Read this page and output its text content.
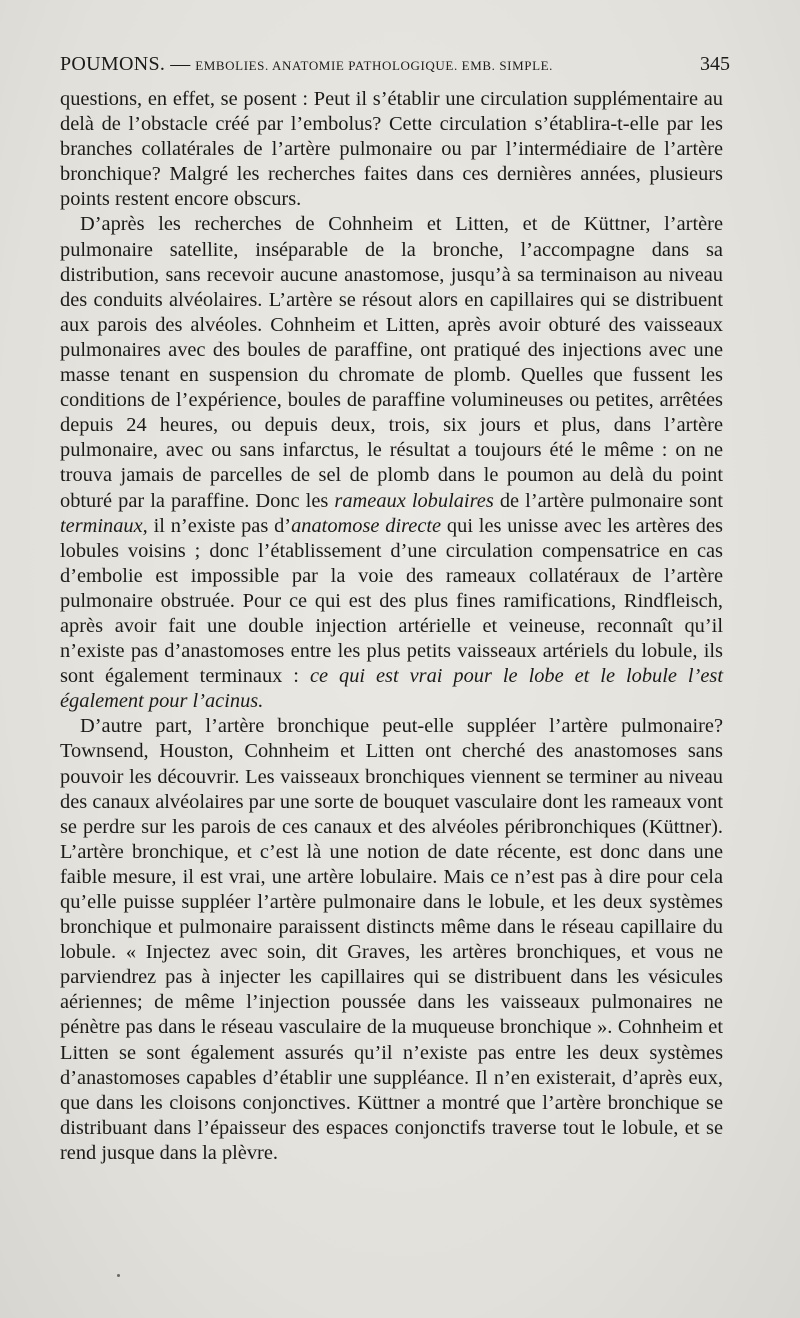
POUMONS. — EMBOLIES. ANATOMIE PATHOLOGIQUE. EMB. SIMPLE.	345

questions, en effet, se posent : Peut il s’établir une circulation supplémentaire au delà de l’obstacle créé par l’embolus? Cette circulation s’établira-t-elle par les branches collatérales de l’artère pulmonaire ou par l’intermédiaire de l’artère bronchique? Malgré les recherches faites dans ces dernières années, plusieurs points restent encore obscurs.

D’après les recherches de Cohnheim et Litten, et de Küttner, l’artère pulmonaire satellite, inséparable de la bronche, l’accompagne dans sa distribution, sans recevoir aucune anastomose, jusqu’à sa terminaison au niveau des conduits alvéolaires. L’artère se résout alors en capillaires qui se distribuent aux parois des alvéoles. Cohnheim et Litten, après avoir obturé des vaisseaux pulmonaires avec des boules de paraffine, ont pratiqué des injections avec une masse tenant en suspension du chromate de plomb. Quelles que fussent les conditions de l’expérience, boules de paraffine volumineuses ou petites, arrêtées depuis 24 heures, ou depuis deux, trois, six jours et plus, dans l’artère pulmonaire, avec ou sans infarctus, le résultat a toujours été le même : on ne trouva jamais de parcelles de sel de plomb dans le poumon au delà du point obturé par la paraffine. Donc les rameaux lobulaires de l’artère pulmonaire sont terminaux, il n’existe pas d’anatomose directe qui les unisse avec les artères des lobules voisins ; donc l’établissement d’une circulation compensatrice en cas d’embolie est impossible par la voie des rameaux collatéraux de l’artère pulmonaire obstruée. Pour ce qui est des plus fines ramifications, Rindfleisch, après avoir fait une double injection artérielle et veineuse, reconnaît qu’il n’existe pas d’anastomoses entre les plus petits vaisseaux artériels du lobule, ils sont également terminaux : ce qui est vrai pour le lobe et le lobule l’est également pour l’acinus.

D’autre part, l’artère bronchique peut-elle suppléer l’artère pulmonaire? Townsend, Houston, Cohnheim et Litten ont cherché des anastomoses sans pouvoir les découvrir. Les vaisseaux bronchiques viennent se terminer au niveau des canaux alvéolaires par une sorte de bouquet vasculaire dont les rameaux vont se perdre sur les parois de ces canaux et des alvéoles péribronchiques (Küttner). L’artère bronchique, et c’est là une notion de date récente, est donc dans une faible mesure, il est vrai, une artère lobulaire. Mais ce n’est pas à dire pour cela qu’elle puisse suppléer l’artère pulmonaire dans le lobule, et les deux systèmes bronchique et pulmonaire paraissent distincts même dans le réseau capillaire du lobule. « Injectez avec soin, dit Graves, les artères bronchiques, et vous ne parviendrez pas à injecter les capillaires qui se distribuent dans les vésicules aériennes; de même l’injection poussée dans les vaisseaux pulmonaires ne pénètre pas dans le réseau vasculaire de la muqueuse bronchique ». Cohnheim et Litten se sont également assurés qu’il n’existe pas entre les deux systèmes d’anastomoses capables d’établir une suppléance. Il n’en existerait, d’après eux, que dans les cloisons conjonctives. Küttner a montré que l’artère bronchique se distribuant dans l’épaisseur des espaces conjonctifs traverse tout le lobule, et se rend jusque dans la plèvre.
